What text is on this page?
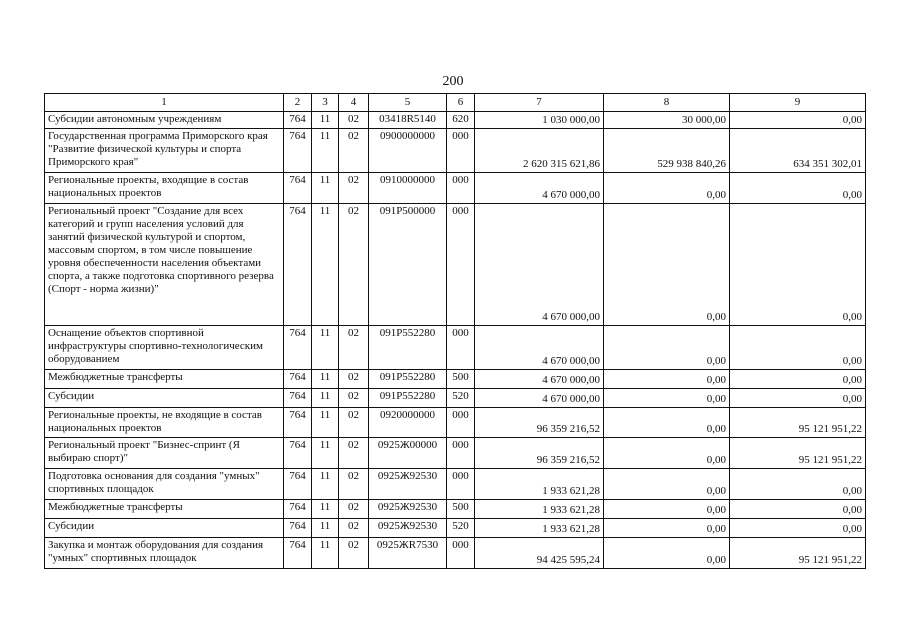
200
1	2	3	4	5	6	7	8	9
Субсидии автономным учреждениям	764	11	02	03418R5140	620	1 030 000,00	30 000,00	0,00
Государственная программа Приморского края "Развитие физической культуры и спорта Приморского края"	764	11	02	0900000000	000	2 620 315 621,86	529 938 840,26	634 351 302,01
Региональные проекты, входящие в состав национальных проектов	764	11	02	0910000000	000	4 670 000,00	0,00	0,00
Региональный проект "Создание для всех категорий и групп населения условий для занятий физической культурой и спортом, массовым спортом, в том числе повышение уровня обеспеченности населения объектами спорта, а также подготовка спортивного резерва (Спорт - норма жизни)"	764	11	02	091P500000	000	4 670 000,00	0,00	0,00
Оснащение объектов спортивной инфраструктуры спортивно-технологическим оборудованием	764	11	02	091P552280	000	4 670 000,00	0,00	0,00
Межбюджетные трансферты	764	11	02	091P552280	500	4 670 000,00	0,00	0,00
Субсидии	764	11	02	091P552280	520	4 670 000,00	0,00	0,00
Региональные проекты, не входящие в состав национальных проектов	764	11	02	0920000000	000	96 359 216,52	0,00	95 121 951,22
Региональный проект "Бизнес-спринт (Я выбираю спорт)"	764	11	02	0925Ж00000	000	96 359 216,52	0,00	95 121 951,22
Подготовка основания для создания "умных" спортивных площадок	764	11	02	0925Ж92530	000	1 933 621,28	0,00	0,00
Межбюджетные трансферты	764	11	02	0925Ж92530	500	1 933 621,28	0,00	0,00
Субсидии	764	11	02	0925Ж92530	520	1 933 621,28	0,00	0,00
Закупка и монтаж оборудования для создания "умных" спортивных площадок	764	11	02	0925ЖR7530	000	94 425 595,24	0,00	95 121 951,22
